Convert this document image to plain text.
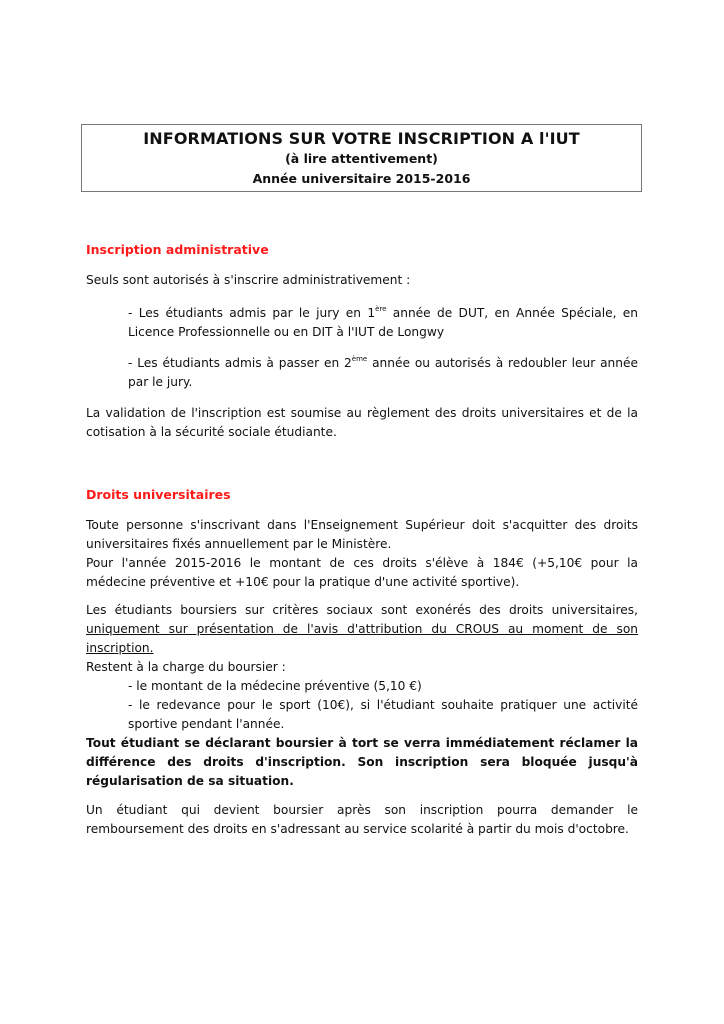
INFORMATIONS SUR VOTRE INSCRIPTION A l'IUT
(à lire attentivement)
Année universitaire 2015-2016
Inscription administrative

Seuls sont autorisés à s'inscrire administrativement :

- Les étudiants admis par le jury en 1ère année de DUT, en Année Spéciale, en Licence Professionnelle ou en DIT à l'IUT de Longwy

- Les étudiants admis à passer en 2ème année ou autorisés à redoubler leur année par le jury.

La validation de l'inscription est soumise au règlement des droits universitaires et de la cotisation à la sécurité sociale étudiante.

Droits universitaires

Toute personne s'inscrivant dans l'Enseignement Supérieur doit s'acquitter des droits universitaires fixés annuellement par le Ministère.

Pour l'année 2015-2016 le montant de ces droits s'élève à 184€ (+5,10€ pour la médecine préventive et +10€ pour la pratique d'une activité sportive).

Les étudiants boursiers sur critères sociaux sont exonérés des droits universitaires, uniquement sur présentation de l'avis d'attribution du CROUS au moment de son inscription.

Restent à la charge du boursier :

- le montant de la médecine préventive (5,10 €)

- le redevance pour le sport (10€), si l'étudiant souhaite pratiquer une activité sportive pendant l'année.

Tout étudiant se déclarant boursier à tort se verra immédiatement réclamer la différence des droits d'inscription. Son inscription sera bloquée jusqu'à régularisation de sa situation.

Un étudiant qui devient boursier après son inscription pourra demander le remboursement des droits en s'adressant au service scolarité à partir du mois d'octobre.
